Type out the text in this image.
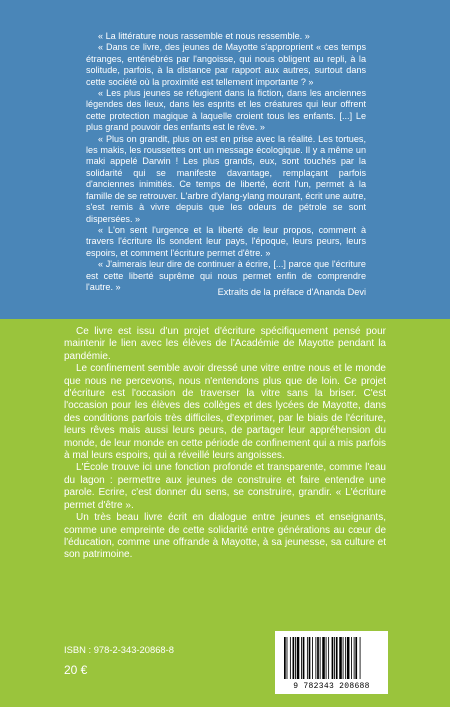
« La littérature nous rassemble et nous ressemble. »

« Dans ce livre, des jeunes de Mayotte s'approprient « ces temps étranges, enténébrés par l'angoisse, qui nous obligent au repli, à la solitude, parfois, à la distance par rapport aux autres, surtout dans cette société où la proximité est tellement importante ? »

« Les plus jeunes se réfugient dans la fiction, dans les anciennes légendes des lieux, dans les esprits et les créatures qui leur offrent cette protection magique à laquelle croient tous les enfants. [...] Le plus grand pouvoir des enfants est le rêve. »

« Plus on grandit, plus on est en prise avec la réalité. Les tortues, les makis, les roussettes ont un message écologique. Il y a même un maki appelé Darwin ! Les plus grands, eux, sont touchés par la solidarité qui se manifeste davantage, remplaçant parfois d'anciennes inimitiés. Ce temps de liberté, écrit l'un, permet à la famille de se retrouver. L'arbre d'ylang-ylang mourant, écrit une autre, s'est remis à vivre depuis que les odeurs de pétrole se sont dispersées. »

« L'on sent l'urgence et la liberté de leur propos, comment à travers l'écriture ils sondent leur pays, l'époque, leurs peurs, leurs espoirs, et comment l'écriture permet d'être. »

« J'aimerais leur dire de continuer à écrire, [...] parce que l'écriture est cette liberté suprême qui nous permet enfin de comprendre l'autre. »

Extraits de la préface d'Ananda Devi

Ce livre est issu d'un projet d'écriture spécifiquement pensé pour maintenir le lien avec les élèves de l'Académie de Mayotte pendant la pandémie.

Le confinement semble avoir dressé une vitre entre nous et le monde que nous ne percevons, nous n'entendons plus que de loin. Ce projet d'écriture est l'occasion de traverser la vitre sans la briser. C'est l'occasion pour les élèves des collèges et des lycées de Mayotte, dans des conditions parfois très difficiles, d'exprimer, par le biais de l'écriture, leurs rêves mais aussi leurs peurs, de partager leur appréhension du monde, de leur monde en cette période de confinement qui a mis parfois à mal leurs espoirs, qui a réveillé leurs angoisses.

L'École trouve ici une fonction profonde et transparente, comme l'eau du lagon : permettre aux jeunes de construire et faire entendre une parole. Ecrire, c'est donner du sens, se construire, grandir. « L'écriture permet d'être ».

Un très beau livre écrit en dialogue entre jeunes et enseignants, comme une empreinte de cette solidarité entre générations au cœur de l'éducation, comme une offrande à Mayotte, à sa jeunesse, sa culture et son patrimoine.

ISBN : 978-2-343-20868-8
20 €
9 782343 208688
